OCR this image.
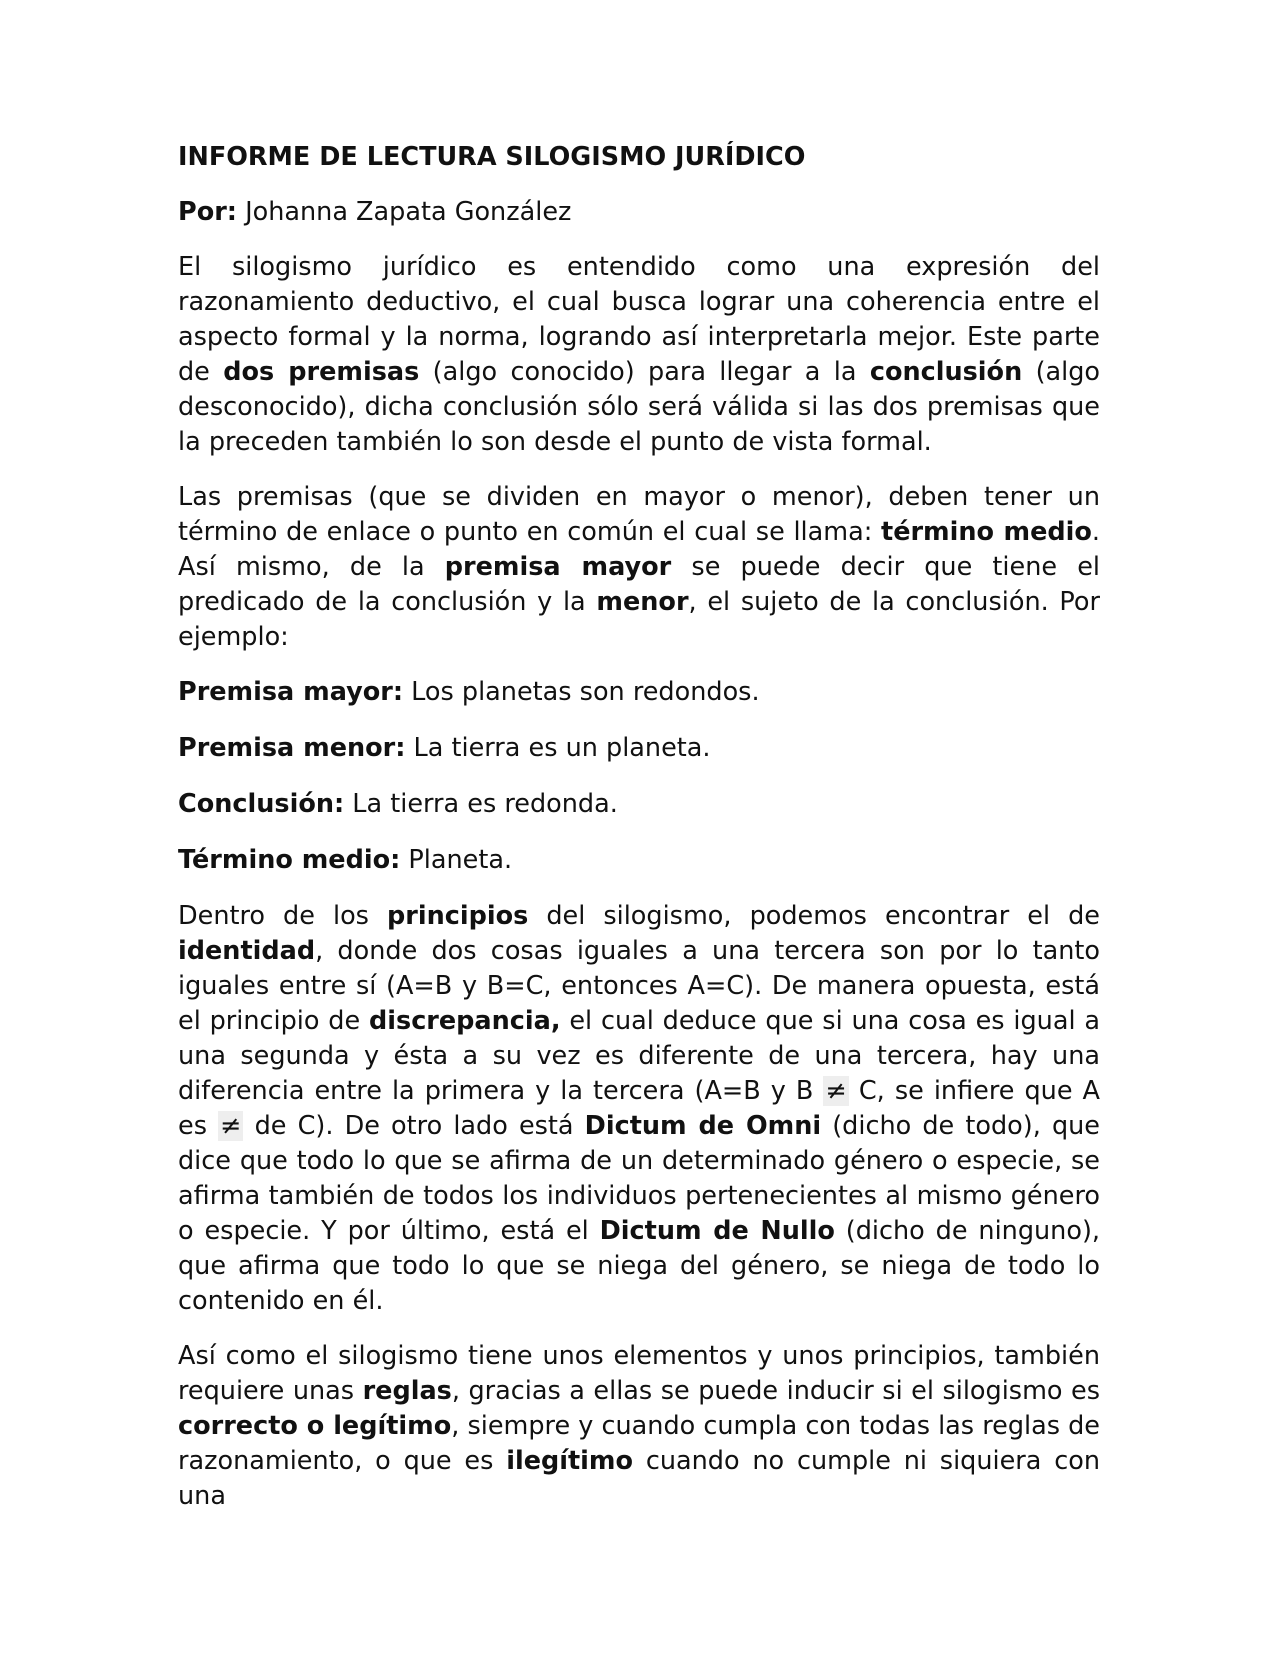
INFORME DE LECTURA SILOGISMO JURÍDICO
Por: Johanna Zapata González

El silogismo jurídico es entendido como una expresión del razonamiento deductivo, el cual busca lograr una coherencia entre el aspecto formal y la norma, logrando así interpretarla mejor. Este parte de dos premisas (algo conocido) para llegar a la conclusión (algo desconocido), dicha conclusión sólo será válida si las dos premisas que la preceden también lo son desde el punto de vista formal.

Las premisas (que se dividen en mayor o menor), deben tener un término de enlace o punto en común el cual se llama: término medio. Así mismo, de la premisa mayor se puede decir que tiene el predicado de la conclusión y la menor, el sujeto de la conclusión. Por ejemplo:

Premisa mayor: Los planetas son redondos.
Premisa menor: La tierra es un planeta.
Conclusión: La tierra es redonda.
Término medio: Planeta.

Dentro de los principios del silogismo, podemos encontrar el de identidad, donde dos cosas iguales a una tercera son por lo tanto iguales entre sí (A=B y B=C, entonces A=C). De manera opuesta, está el principio de discrepancia, el cual deduce que si una cosa es igual a una segunda y ésta a su vez es diferente de una tercera, hay una diferencia entre la primera y la tercera (A=B y B ≠ C, se infiere que A es ≠ de C). De otro lado está Dictum de Omni (dicho de todo), que dice que todo lo que se afirma de un determinado género o especie, se afirma también de todos los individuos pertenecientes al mismo género o especie. Y por último, está el Dictum de Nullo (dicho de ninguno), que afirma que todo lo que se niega del género, se niega de todo lo contenido en él.

Así como el silogismo tiene unos elementos y unos principios, también requiere unas reglas, gracias a ellas se puede inducir si el silogismo es correcto o legítimo, siempre y cuando cumpla con todas las reglas de razonamiento, o que es ilegítimo cuando no cumple ni siquiera con una
